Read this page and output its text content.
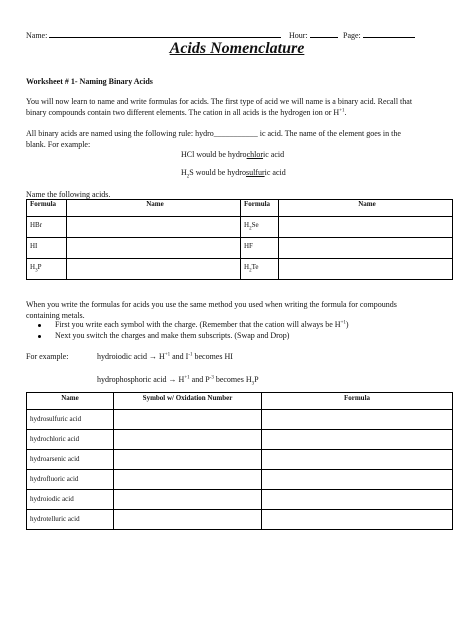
Name:	Hour:	Page:
Acids Nomenclature
Worksheet # 1- Naming Binary Acids
You will now learn to name and write formulas for acids. The first type of acid we will name is a binary acid. Recall that
binary compounds contain two different elements. The cation in all acids is the hydrogen ion or $H^{+1}$.
All binary acids are named using the following rule: hydro___________ ic acid. The name of the element goes in the
blank. For example:
HCl would be hydrochloric acid
$H_2S$ would be hydrosulfuric acid
Name the following acids.
Formula	Name	Formula	Name
HBr		$H_2Se$	
HI		HF	
$H_3P$		$H_2Te$	
When you write the formulas for acids you use the same method you used when writing the formula for compounds
containing metals.
First you write each symbol with the charge. (Remember that the cation will always be $H^{+1}$)
Next you switch the charges and make them subscripts. (Swap and Drop)
For example:	hydroiodic acid → $H^{+1}$ and $I^{-1}$ becomes HI
hydrophosphoric acid → $H^{+1}$ and $P^{-3}$ becomes $H_3P$
Name	Symbol w/ Oxidation Number	Formula
hydrosulfuric acid		
hydrochloric acid		
hydroarsenic acid		
hydrofluoric acid		
hydroiodic acid		
hydrotelluric acid		
